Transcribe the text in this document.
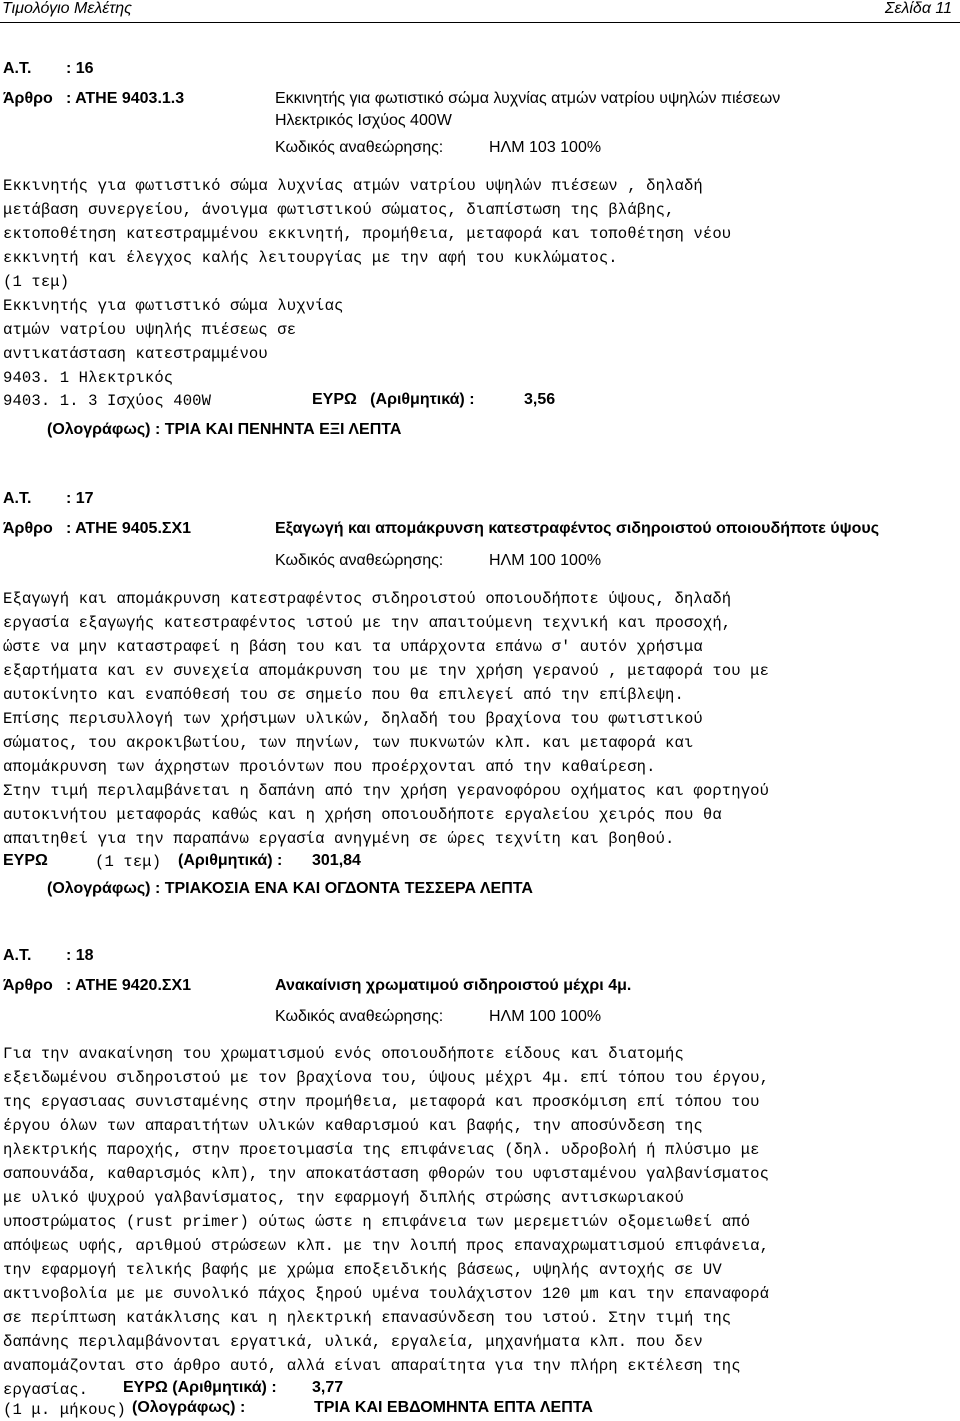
Τιμολόγιο Μελέτης	Σελίδα 11
Α.Τ. : 16
Άρθρο : ΑΤΗΕ 9403.1.3	Εκκινητής για φωτιστικό σώμα λυχνίας ατμών νατρίου υψηλών πιέσεων
Ηλεκτρικός Ισχύος 400W
Κωδικός αναθεώρησης:	ΗΛΜ 103 100%
Εκκινητής για φωτιστικό σώμα λυχνίας ατμών νατρίου υψηλών πιέσεων , δηλαδή
μετάβαση συνεργείου, άνοιγμα φωτιστικού σώματος, διαπίστωση της βλάβης,
εκτοποθέτηση κατεστραμμένου εκκινητή, προμήθεια, μεταφορά και τοποθέτηση νέου
εκκινητή και έλεγχος καλής λειτουργίας με την αφή του κυκλώματος.
(1 τεμ)
Εκκινητής για φωτιστικό σώμα λυχνίας
ατμών νατρίου υψηλής πιέσεως σε
αντικατάσταση κατεστραμμένου
9403. 1 Ηλεκτρικός
9403. 1. 3 Ισχύος 400W	ΕΥΡΩ   (Αριθμητικά) :	3,56
(Ολογράφως) : ΤΡΙΑ ΚΑΙ ΠΕΝΗΝΤΑ ΕΞΙ ΛΕΠΤΑ
Α.Τ. : 17
Άρθρο : ΑΤΗΕ 9405.ΣΧ1	Εξαγωγή και απομάκρυνση κατεστραφέντος σιδηροιστού οποιουδήποτε ύψους
Κωδικός αναθεώρησης:	ΗΛΜ 100 100%
Εξαγωγή και απομάκρυνση κατεστραφέντος σιδηροιστού οποιουδήποτε ύψους, δηλαδή
εργασία εξαγωγής κατεστραφέντος ιστού με την απαιτούμενη τεχνική και προσοχή,
ώστε να μην καταστραφεί η βάση του και τα υπάρχοντα επάνω σ' αυτόν χρήσιμα
εξαρτήματα και εν συνεχεία απομάκρυνση του με την χρήση γερανού , μεταφορά του με
αυτοκίνητο και εναπόθεσή του σε σημείο που θα επιλεγεί από την επίβλεψη.
Επίσης περισυλλογή των χρήσιμων υλικών, δηλαδή του βραχίονα του φωτιστικού
σώματος, του ακροκιβωτίου, των πηνίων, των πυκνωτών κλπ. και μεταφορά και
απομάκρυνση των άχρηστων προιόντων που προέρχονται από την καθαίρεση.
Στην τιμή περιλαμβάνεται η δαπάνη από την χρήση γερανοφόρου οχήματος και φορτηγού
αυτοκινήτου μεταφοράς καθώς και η χρήση οποιουδήποτε εργαλείου χειρός που θα
απαιτηθεί για την παραπάνω εργασία ανηγμένη σε ώρες τεχνίτη και βοηθού.
ΕΥΡΩ	(1 τεμ) (Αριθμητικά) : 301,84
(Ολογράφως) : ΤΡΙΑΚΟΣΙΑ ΕΝΑ ΚΑΙ ΟΓΔΟΝΤΑ ΤΕΣΣΕΡΑ ΛΕΠΤΑ
Α.Τ. : 18
Άρθρο : ΑΤΗΕ 9420.ΣΧ1	Ανακαίνιση χρωματιμού σιδηροιστού μέχρι 4μ.
Κωδικός αναθεώρησης:	ΗΛΜ 100 100%
Για την ανακαίνηση του χρωματισμού ενός οποιουδήποτε είδους και διατομής
εξειδωμένου σιδηροιστού με τον βραχίονα του, ύψους μέχρι 4μ. επί τόπου του έργου,
της εργασιαας συνισταμένης στην προμήθεια, μεταφορά και προσκόμιση επί τόπου του
έργου όλων των απαραιτήτων υλικών καθαρισμού και βαφής, την αποσύνδεση της
ηλεκτρικής παροχής, στην προετοιμασία της επιφάνειας (δηλ. υδροβολή ή πλύσιμο με
σαπουνάδα, καθαρισμός κλπ), την αποκατάσταση φθορών του υφισταμένου γαλβανίσματος
με υλικό ψυχρού γαλβανίσματος, την εφαρμογή διπλής στρώσης αντισκωριακού
υποστρώματος (rust primer) ούτως ώστε η επιφάνεια των μερεμετιών οξομειωθεί από
απόψεως υφής, αριθμού στρώσεων κλπ. με την λοιπή προς επαναχρωματισμού επιφάνεια,
την εφαρμογή τελικής βαφής με χρώμα εποξειδικής βάσεως, υψηλής αντοχής σε UV
ακτινοβολία με με συνολικό πάχος ξηρού υμένα τουλάχιστον 120 μm και την επαναφορά
σε περίπτωση κατάκλισης και η ηλεκτρική επανασύνδεση του ιστού. Στην τιμή της
δαπάνης περιλαμβάνονται εργατικά, υλικά, εργαλεία, μηχανήματα κλπ. που δεν
αναπομάζονται στο άρθρο αυτό, αλλά είναι απαραίτητα για την πλήρη εκτέλεση της
εργασίας. ΕΥΡΩ (Αριθμητικά) : 3,77
(1 μ. μήκους) (Ολογράφως) :	ΤΡΙΑ ΚΑΙ ΕΒΔΟΜΗΝΤΑ ΕΠΤΑ ΛΕΠΤΑ
